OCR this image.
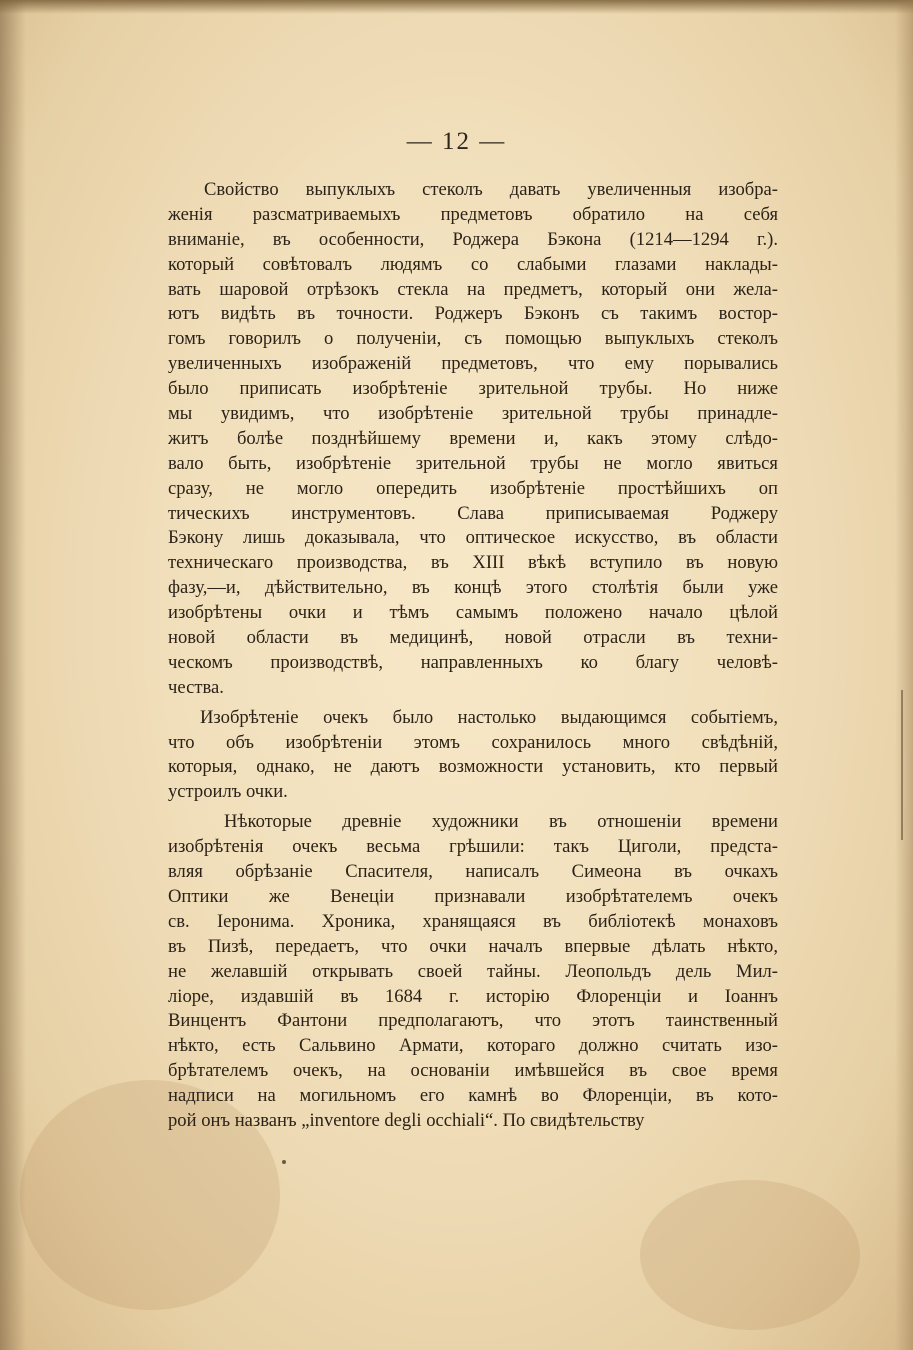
— 12 —
Свойство выпуклыхъ стеколъ давать увеличенныя изобра-
женія разсматриваемыхъ предметовъ обратило на себя
вниманіе, въ особенности, Роджера Бэкона (1214—1294 г.).
который совѣтовалъ людямъ со слабыми глазами наклады-
вать шаровой отрѣзокъ стекла на предметъ, который они жела-
ютъ видѣть въ точности. Роджеръ Бэконъ съ такимъ востор-
гомъ говорилъ о полученіи, съ помощью выпуклыхъ стеколъ
увеличенныхъ изображеній предметовъ, что ему порывались
было приписать изобрѣтеніе зрительной трубы. Но ниже
мы увидимъ, что изобрѣтеніе зрительной трубы принадле-
житъ болѣе позднѣйшему времени и, какъ этому слѣдо-
вало быть, изобрѣтеніе зрительной трубы не могло явиться
сразу, не могло опередить изобрѣтеніе простѣйшихъ оп
тическихъ инструментовъ. Слава приписываемая Роджеру
Бэкону лишь доказывала, что оптическое искусство, въ области
техническаго производства, въ XIII вѣкѣ вступило въ новую
фазу,—и, дѣйствительно, въ концѣ этого столѣтія были уже
изобрѣтены очки и тѣмъ самымъ положено начало цѣлой
новой области въ медицинѣ, новой отрасли въ техни-
ческомъ производствѣ, направленныхъ ко благу человѣ-
чества.
Изобрѣтеніе очекъ было настолько выдающимся событіемъ,
что объ изобрѣтеніи этомъ сохранилось много свѣдѣній,
которыя, однако, не даютъ возможности установить, кто первый
устроилъ очки.
Нѣкоторые древніе художники въ отношеніи времени
изобрѣтенія очекъ весьма грѣшили: такъ Циголи, предста-
вляя обрѣзаніе Спасителя, написалъ Симеона въ очкахъ
Оптики же Венеціи признавали изобрѣтателемъ очекъ
св. Іеронима. Хроника, хранящаяся въ библіотекѣ монаховъ
въ Пизѣ, передаетъ, что очки началъ впервые дѣлать нѣкто,
не желавшій открывать своей тайны. Леопольдъ дель Мил-
ліоре, издавшій въ 1684 г. исторію Флоренціи и Іоаннъ
Винцентъ Фантони предполагаютъ, что этотъ таинственный
нѣкто, есть Сальвино Армати, котораго должно считать изо-
брѣтателемъ очекъ, на основаніи имѣвшейся въ свое время
надписи на могильномъ его камнѣ во Флоренціи, въ кото-
рой онъ названъ „inventore degli occhiali“. По свидѣтельству
